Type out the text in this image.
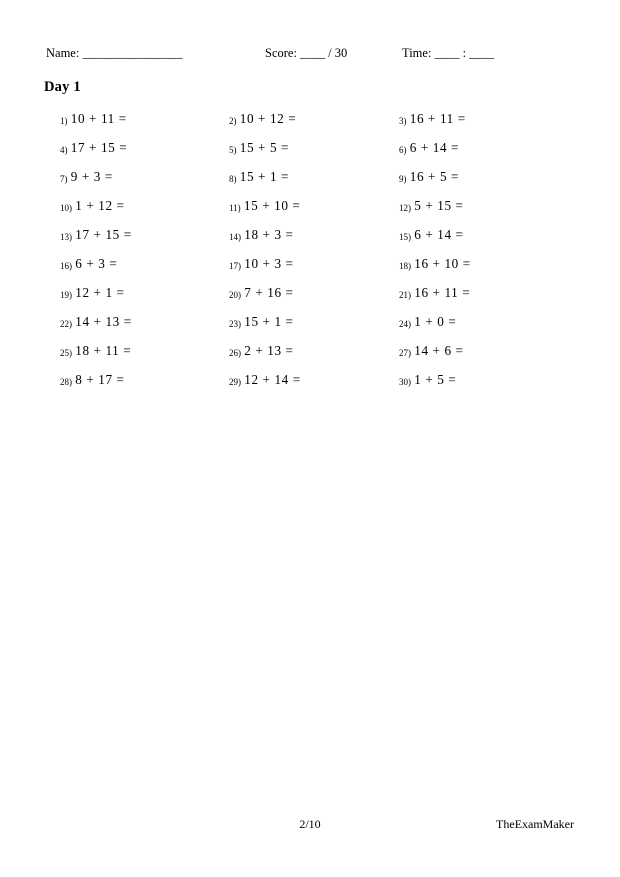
Name: ________________	Score: ____ / 30	Time: ____ : ____
Day 1
1) 10 + 11 =	2) 10 + 12 =	3) 16 + 11 =
4) 17 + 15 =	5) 15 + 5 =	6) 6 + 14 =
7) 9 + 3 =	8) 15 + 1 =	9) 16 + 5 =
10) 1 + 12 =	11) 15 + 10 =	12) 5 + 15 =
13) 17 + 15 =	14) 18 + 3 =	15) 6 + 14 =
16) 6 + 3 =	17) 10 + 3 =	18) 16 + 10 =
19) 12 + 1 =	20) 7 + 16 =	21) 16 + 11 =
22) 14 + 13 =	23) 15 + 1 =	24) 1 + 0 =
25) 18 + 11 =	26) 2 + 13 =	27) 14 + 6 =
28) 8 + 17 =	29) 12 + 14 =	30) 1 + 5 =
2/10	TheExamMaker
